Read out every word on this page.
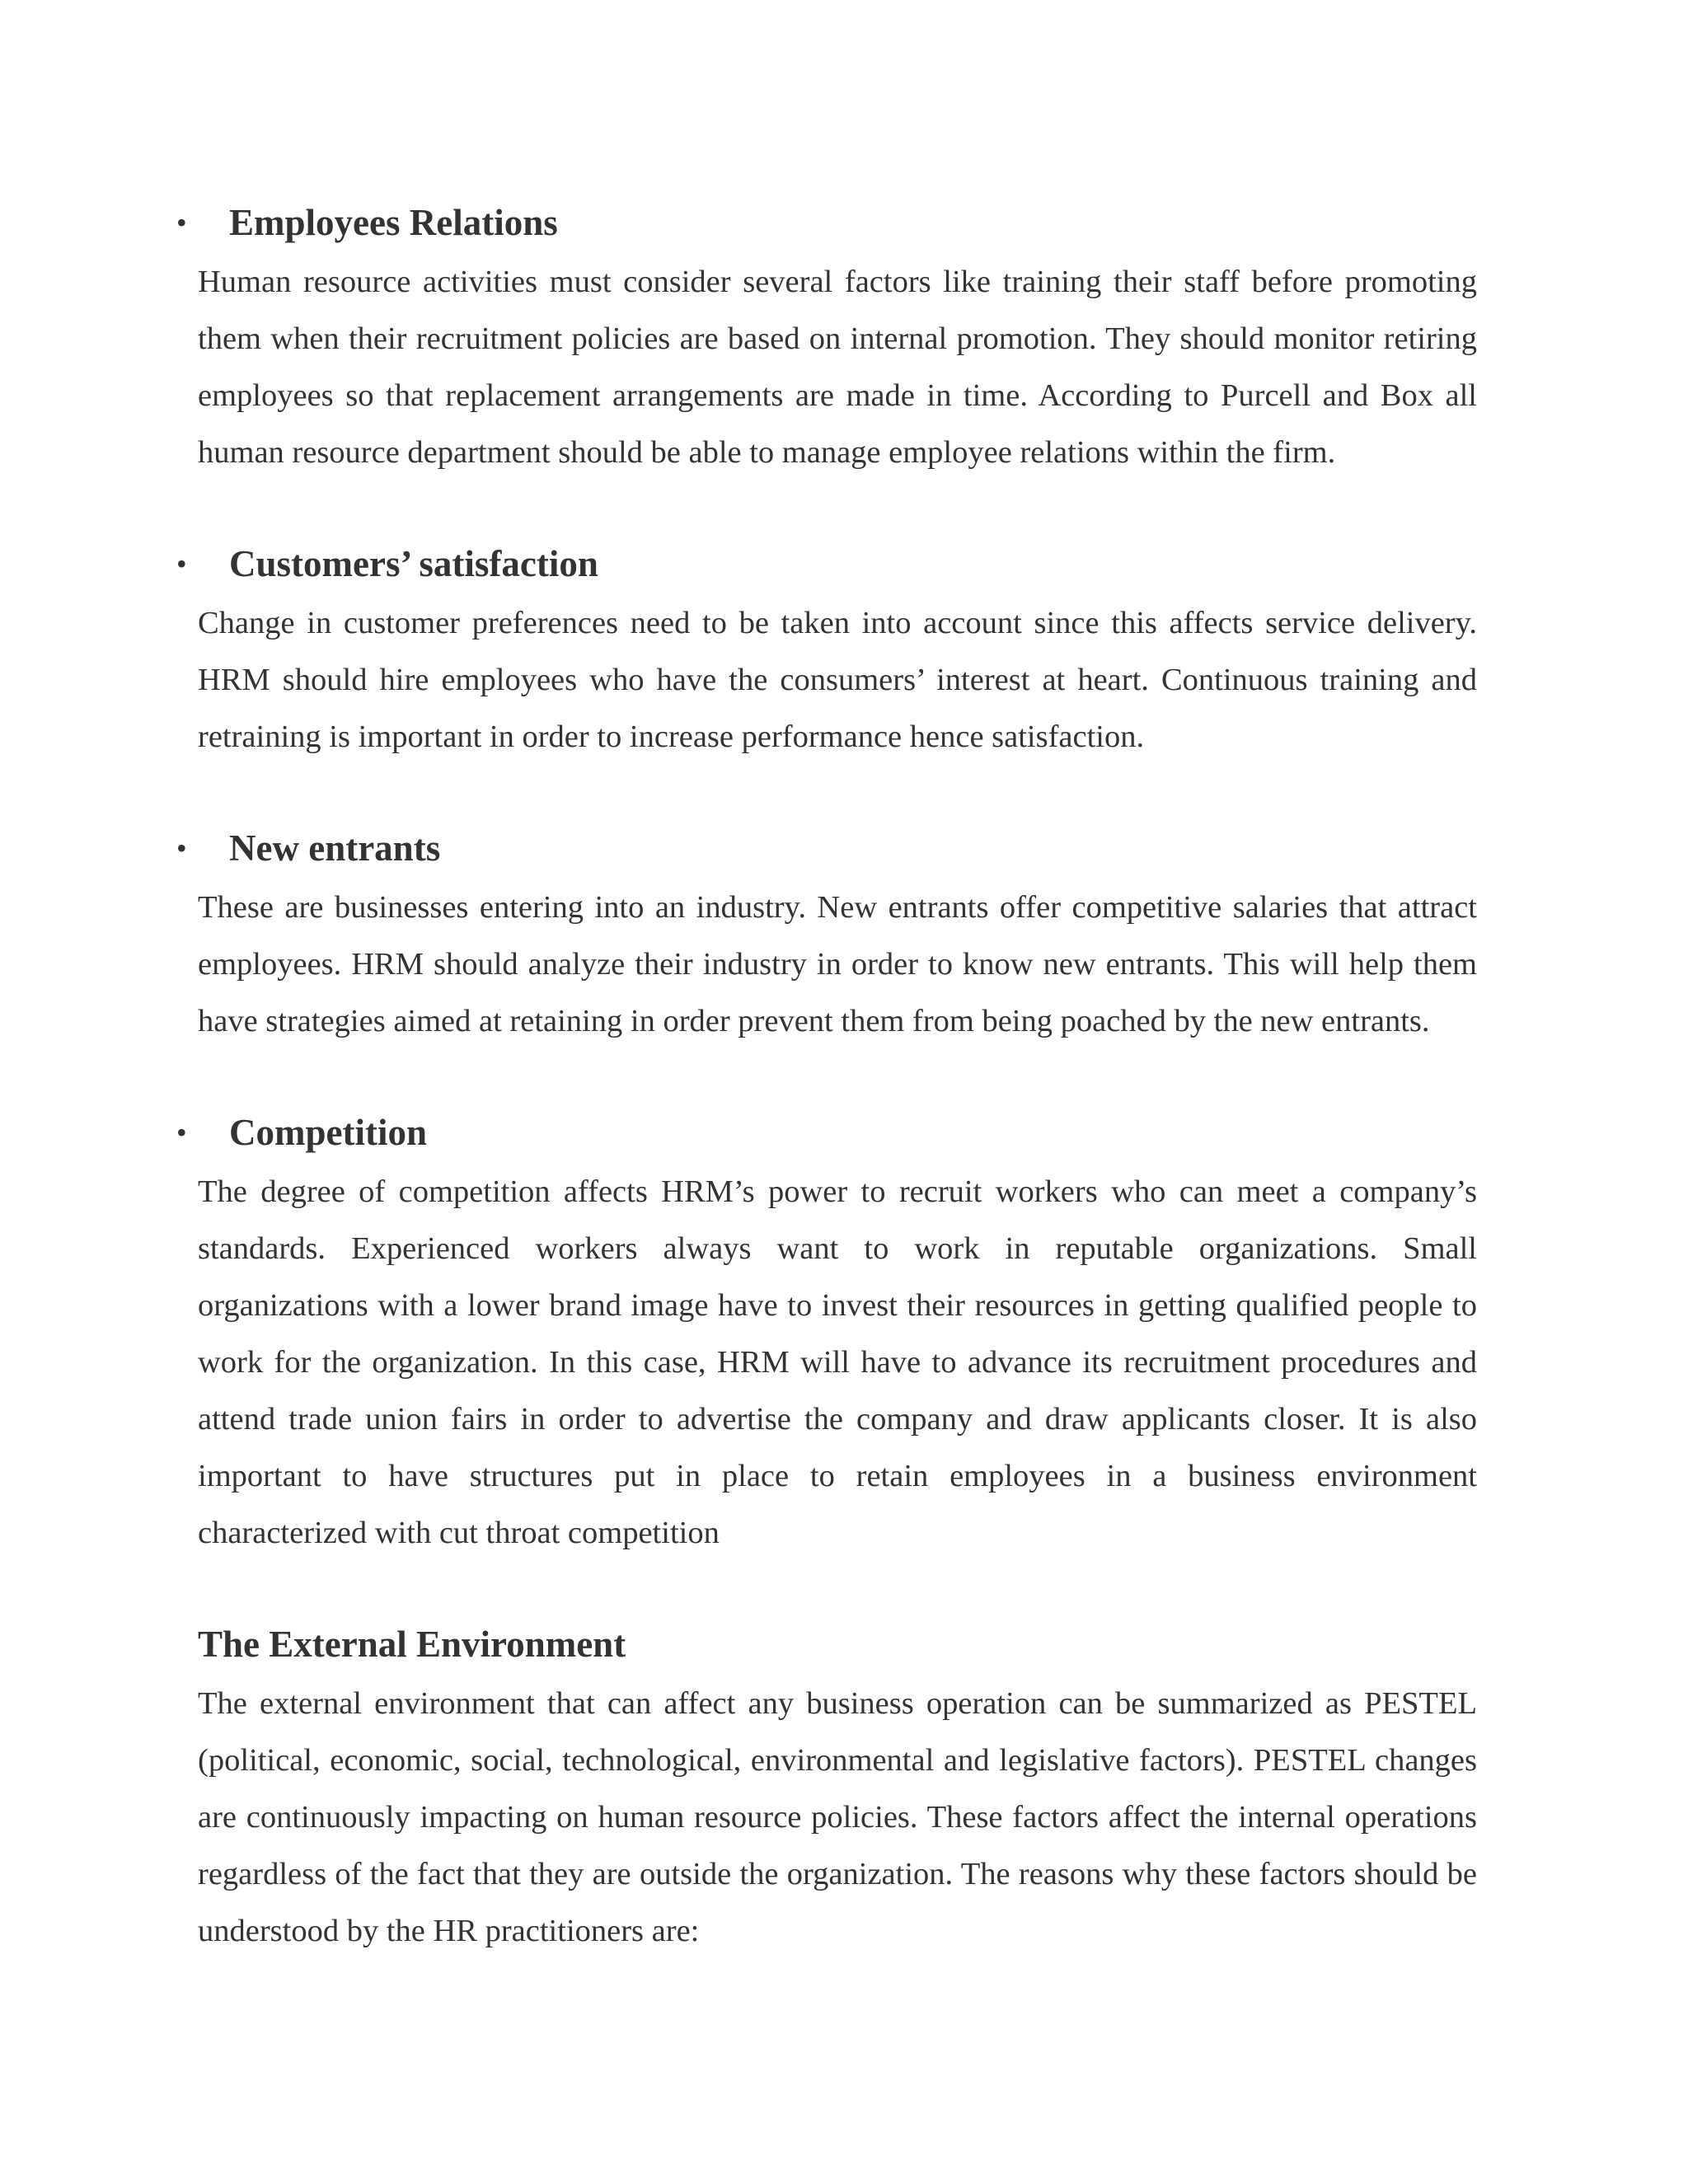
• Employees Relations

Human resource activities must consider several factors like training their staff before promoting them when their recruitment policies are based on internal promotion. They should monitor retiring employees so that replacement arrangements are made in time. According to Purcell and Box all human resource department should be able to manage employee relations within the firm.

• Customers’ satisfaction

Change in customer preferences need to be taken into account since this affects service delivery. HRM should hire employees who have the consumers’ interest at heart. Continuous training and retraining is important in order to increase performance hence satisfaction.

• New entrants

These are businesses entering into an industry. New entrants offer competitive salaries that attract employees. HRM should analyze their industry in order to know new entrants. This will help them have strategies aimed at retaining in order prevent them from being poached by the new entrants.

• Competition

The degree of competition affects HRM’s power to recruit workers who can meet a company’s standards. Experienced workers always want to work in reputable organizations. Small organizations with a lower brand image have to invest their resources in getting qualified people to work for the organization. In this case, HRM will have to advance its recruitment procedures and attend trade union fairs in order to advertise the company and draw applicants closer. It is also important to have structures put in place to retain employees in a business environment characterized with cut throat competition

The External Environment

The external environment that can affect any business operation can be summarized as PESTEL (political, economic, social, technological, environmental and legislative factors). PESTEL changes are continuously impacting on human resource policies. These factors affect the internal operations regardless of the fact that they are outside the organization. The reasons why these factors should be understood by the HR practitioners are:
